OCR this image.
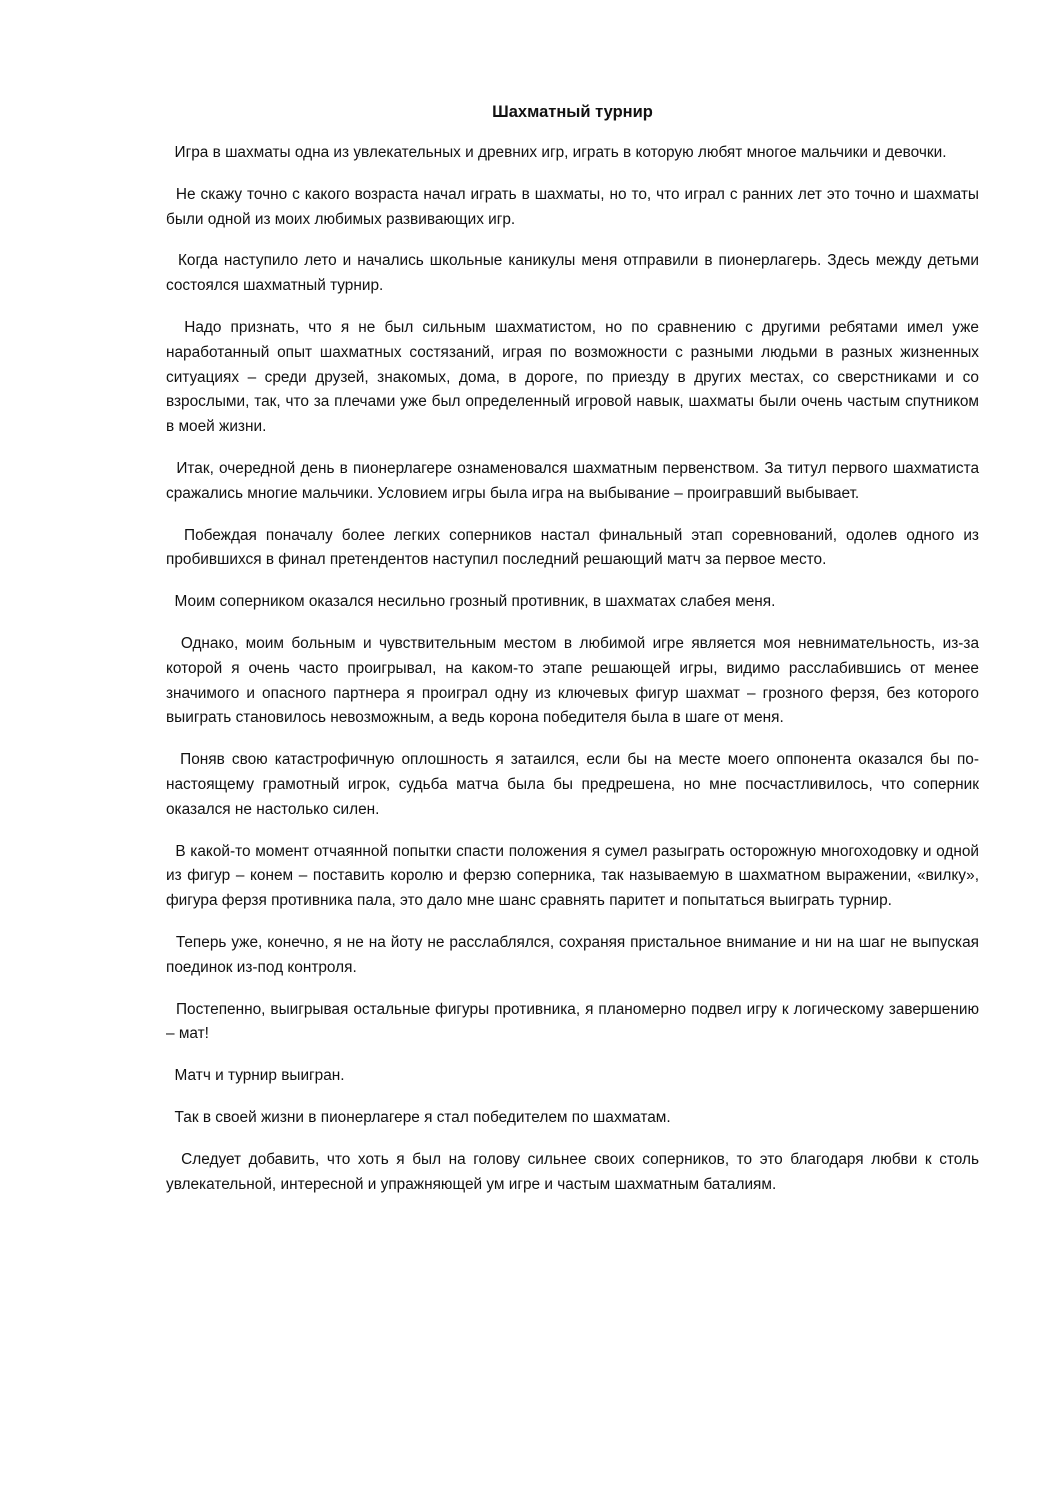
Шахматный турнир

Игра в шахматы одна из увлекательных и древних игр, играть в которую любят многое мальчики и девочки.

Не скажу точно с какого возраста начал играть в шахматы, но то, что играл с ранних лет это точно и шахматы были одной из моих любимых развивающих игр.

Когда наступило лето и начались школьные каникулы меня отправили в пионерлагерь. Здесь между детьми состоялся шахматный турнир.

Надо признать, что я не был сильным шахматистом, но по сравнению с другими ребятами имел уже наработанный опыт шахматных состязаний, играя по возможности с разными людьми в разных жизненных ситуациях – среди друзей, знакомых, дома, в дороге, по приезду в других местах, со сверстниками и со взрослыми, так, что за плечами уже был определенный игровой навык, шахматы были очень частым спутником в моей жизни.

Итак, очередной день в пионерлагере ознаменовался шахматным первенством. За титул первого шахматиста сражались многие мальчики. Условием игры была игра на выбывание – проигравший выбывает.

Побеждая поначалу более легких соперников настал финальный этап соревнований, одолев одного из пробившихся в финал претендентов наступил последний решающий матч за первое место.

Моим соперником оказался несильно грозный противник, в шахматах слабея меня.

Однако, моим больным и чувствительным местом в любимой игре является моя невнимательность, из-за которой я очень часто проигрывал, на каком-то этапе решающей игры, видимо расслабившись от менее значимого и опасного партнера я проиграл одну из ключевых фигур шахмат – грозного ферзя, без которого выиграть становилось невозможным, а ведь корона победителя была в шаге от меня.

Поняв свою катастрофичную оплошность я затаился, если бы на месте моего оппонента оказался бы по-настоящему грамотный игрок, судьба матча была бы предрешена, но мне посчастливилось, что соперник оказался не настолько силен.

В какой-то момент отчаянной попытки спасти положения я сумел разыграть осторожную многоходовку и одной из фигур – конем – поставить королю и ферзю соперника, так называемую в шахматном выражении, «вилку», фигура ферзя противника пала, это дало мне шанс сравнять паритет и попытаться выиграть турнир.

Теперь уже, конечно, я не на йоту не расслаблялся, сохраняя пристальное внимание и ни на шаг не выпуская поединок из-под контроля.

Постепенно, выигрывая остальные фигуры противника, я планомерно подвел игру к логическому завершению – мат!

Матч и турнир выигран.

Так в своей жизни в пионерлагере я стал победителем по шахматам.

Следует добавить, что хоть я был на голову сильнее своих соперников, то это благодаря любви к столь увлекательной, интересной и упражняющей ум игре и частым шахматным баталиям.
